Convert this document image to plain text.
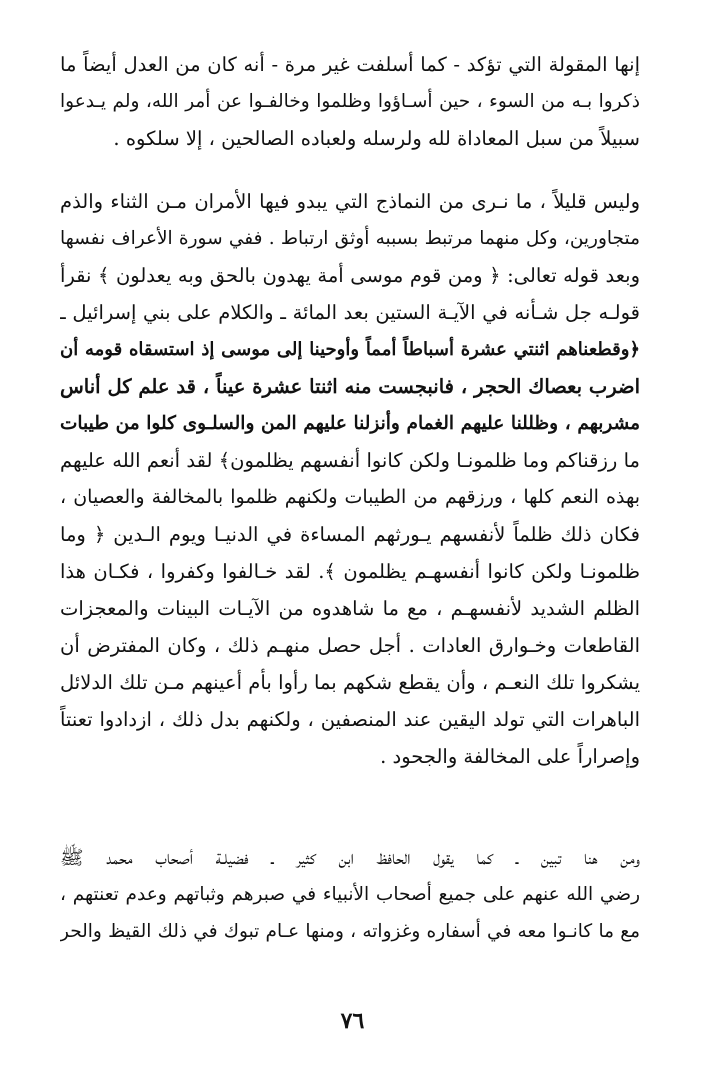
إنها المقولة التي تؤكد - كما أسلفت غير مرة - أنه كان من العدل أيضاً ما
ذكروا بـه من السوء ، حين أسـاؤوا وظلموا وخالفـوا عن أمر الله، ولم يـدعوا
سبيلاً من سبل المعاداة لله ولرسله ولعباده الصالحين ، إلا سلكوه .
وليس قليلاً ، ما نـرى من النماذج التي يبدو فيها الأمران مـن الثناء والذم
متجاورين، وكل منهما مرتبط بسببه أوثق ارتباط . ففي سورة الأعراف نفسها
وبعد قوله تعالى: ﴿ ومن قوم موسى أمة يهدون بالحق وبه يعدلون ﴾ نقرأ
قولـه جل شـأنه في الآيـة الستين بعد المائة ـ والكلام على بني إسرائيل ـ
﴿وقطعناهم اثنتي عشرة أسباطاً أمماً وأوحينا إلى موسى إذ استسقاه قومه أن
اضرب بعصاك الحجر ، فانبجست منه اثنتا عشرة عيناً ، قد علم كل أناس
مشربهم ، وظللنا عليهم الغمام وأنزلنا عليهم المن والسلـوى كلوا من طيبات
ما رزقناكم وما ظلمونـا ولكن كانوا أنفسهم يظلمون﴾ لقد أنعم الله عليهم
بهذه النعم كلها ، ورزقهم من الطيبات ولكنهم ظلموا بالمخالفة والعصيان ،
فكان ذلك ظلماً لأنفسهم يـورثهم المساءة في الدنيـا ويوم الـدين ﴿ وما
ظلمونـا ولكن كانوا أنفسهـم يظلمون ﴾. لقد خـالفوا وكفروا ، فكـان هذا
الظلم الشديد لأنفسهـم ، مع ما شاهدوه من الآيـات البينات والمعجزات
القاطعات وخـوارق العادات . أجل حصل منهـم ذلك ، وكان المفترض أن
يشكروا تلك النعـم ، وأن يقطع شكهم بما رأوا بأم أعينهم مـن تلك الدلائل
الباهرات التي تولد اليقين عند المنصفين ، ولكنهم بدل ذلك ، ازدادوا تعنتاً
وإصراراً على المخالفة والجحود .
ومن هنا تبين ـ كما يقول الحافظ ابن كثير ـ فضيلـة أصحاب محمد ﷺ
رضي الله عنهم على جميع أصحاب الأنبياء في صبرهم وثباتهم وعدم تعنتهم ،
مع ما كانـوا معه في أسفاره وغزواته ، ومنها عـام تبوك في ذلك القيظ والحر
٧٦
